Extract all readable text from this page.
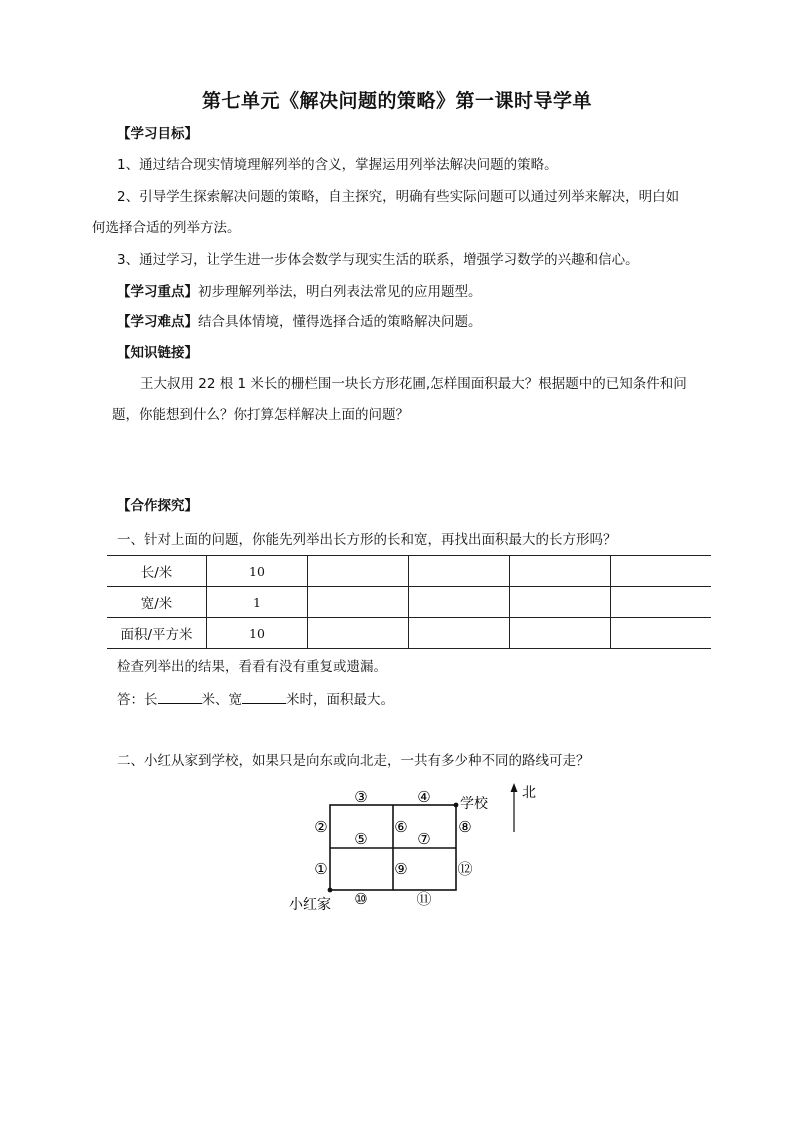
第七单元《解决问题的策略》第一课时导学单
【学习目标】
1、通过结合现实情境理解列举的含义，掌握运用列举法解决问题的策略。
2、引导学生探索解决问题的策略，自主探究，明确有些实际问题可以通过列举来解决，明白如
何选择合适的列举方法。
3、通过学习，让学生进一步体会数学与现实生活的联系，增强学习数学的兴趣和信心。
【学习重点】初步理解列举法，明白列表法常见的应用题型。
【学习难点】结合具体情境，懂得选择合适的策略解决问题。
【知识链接】
王大叔用 22 根 1 米长的栅栏围一块长方形花圃,怎样围面积最大？根据题中的已知条件和问
题，你能想到什么？你打算怎样解决上面的问题？
【合作探究】
一、针对上面的问题，你能先列举出长方形的长和宽，再找出面积最大的长方形吗？
长/米	10				
宽/米	1				
面积/平方米	10				
检查列举出的结果，看看有没有重复或遗漏。
答：长	米、宽	米时，面积最大。
二、小红从家到学校，如果只是向东或向北走，一共有多少种不同的路线可走？
北
学校
小红家
①
②
③	④
⑤
⑥
⑦
⑧
⑨
⑩	⑪
⑫
